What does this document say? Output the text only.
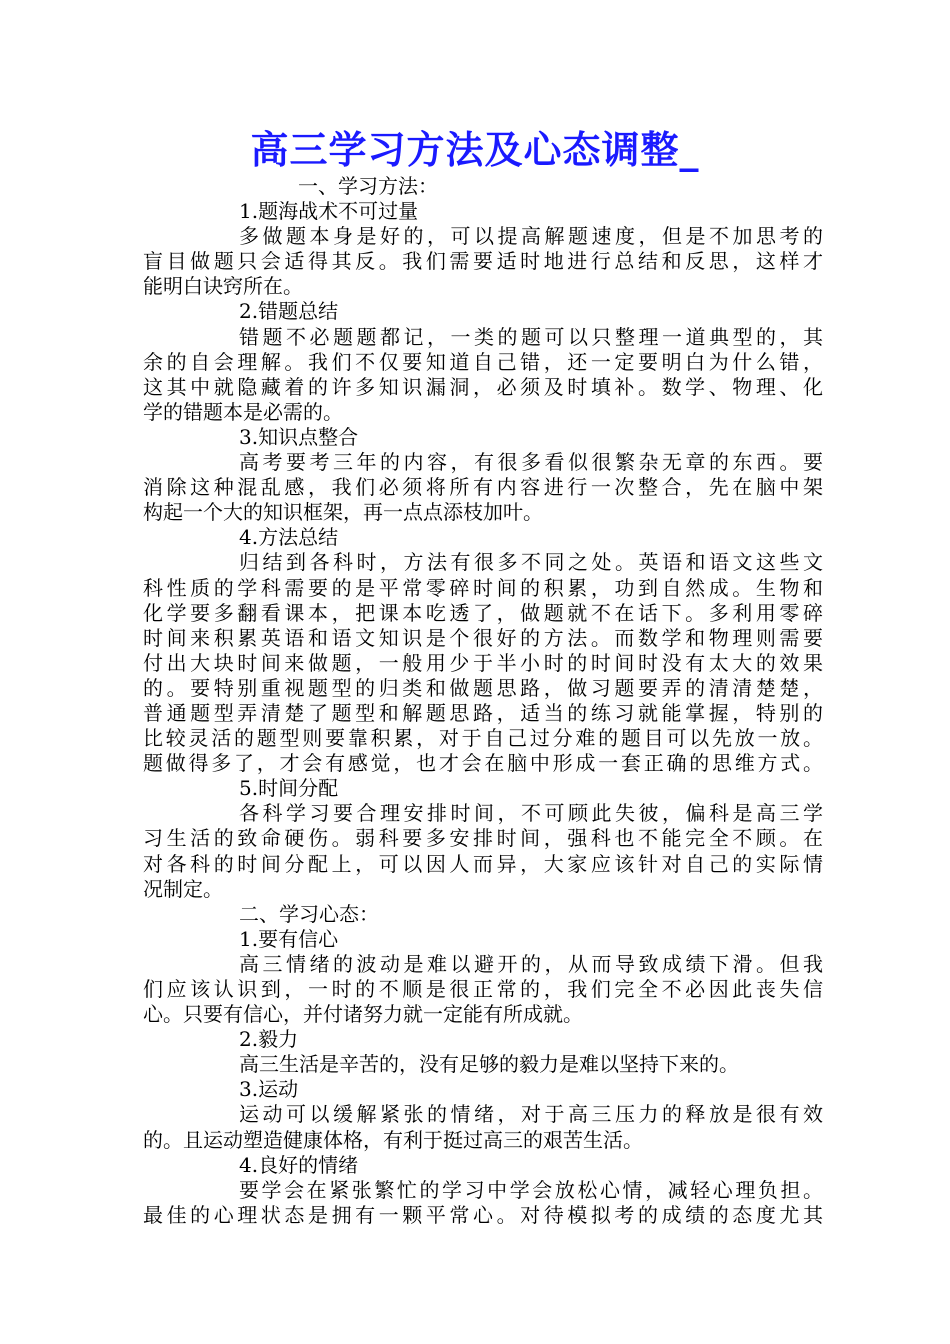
高三学习方法及心态调整_
一、学习方法：
1.题海战术不可过量
多做题本身是好的，可以提高解题速度，但是不加思考的
盲目做题只会适得其反。我们需要适时地进行总结和反思，这样才
能明白诀窍所在。
2.错题总结
错题不必题题都记，一类的题可以只整理一道典型的，其
余的自会理解。我们不仅要知道自己错，还一定要明白为什么错，
这其中就隐藏着的许多知识漏洞，必须及时填补。数学、物理、化
学的错题本是必需的。
3.知识点整合
高考要考三年的内容，有很多看似很繁杂无章的东西。要
消除这种混乱感，我们必须将所有内容进行一次整合，先在脑中架
构起一个大的知识框架，再一点点添枝加叶。
4.方法总结
归结到各科时，方法有很多不同之处。英语和语文这些文
科性质的学科需要的是平常零碎时间的积累，功到自然成。生物和
化学要多翻看课本，把课本吃透了，做题就不在话下。多利用零碎
时间来积累英语和语文知识是个很好的方法。而数学和物理则需要
付出大块时间来做题，一般用少于半小时的时间时没有太大的效果
的。要特别重视题型的归类和做题思路，做习题要弄的清清楚楚，
普通题型弄清楚了题型和解题思路，适当的练习就能掌握，特别的
比较灵活的题型则要靠积累，对于自己过分难的题目可以先放一放。
题做得多了，才会有感觉，也才会在脑中形成一套正确的思维方式。
5.时间分配
各科学习要合理安排时间，不可顾此失彼，偏科是高三学
习生活的致命硬伤。弱科要多安排时间，强科也不能完全不顾。在
对各科的时间分配上，可以因人而异，大家应该针对自己的实际情
况制定。
二、学习心态：
1.要有信心
高三情绪的波动是难以避开的，从而导致成绩下滑。但我
们应该认识到，一时的不顺是很正常的，我们完全不必因此丧失信
心。只要有信心，并付诸努力就一定能有所成就。
2.毅力
高三生活是辛苦的，没有足够的毅力是难以坚持下来的。
3.运动
运动可以缓解紧张的情绪，对于高三压力的释放是很有效
的。且运动塑造健康体格，有利于挺过高三的艰苦生活。
4.良好的情绪
要学会在紧张繁忙的学习中学会放松心情，减轻心理负担。
最佳的心理状态是拥有一颗平常心。对待模拟考的成绩的态度尤其
